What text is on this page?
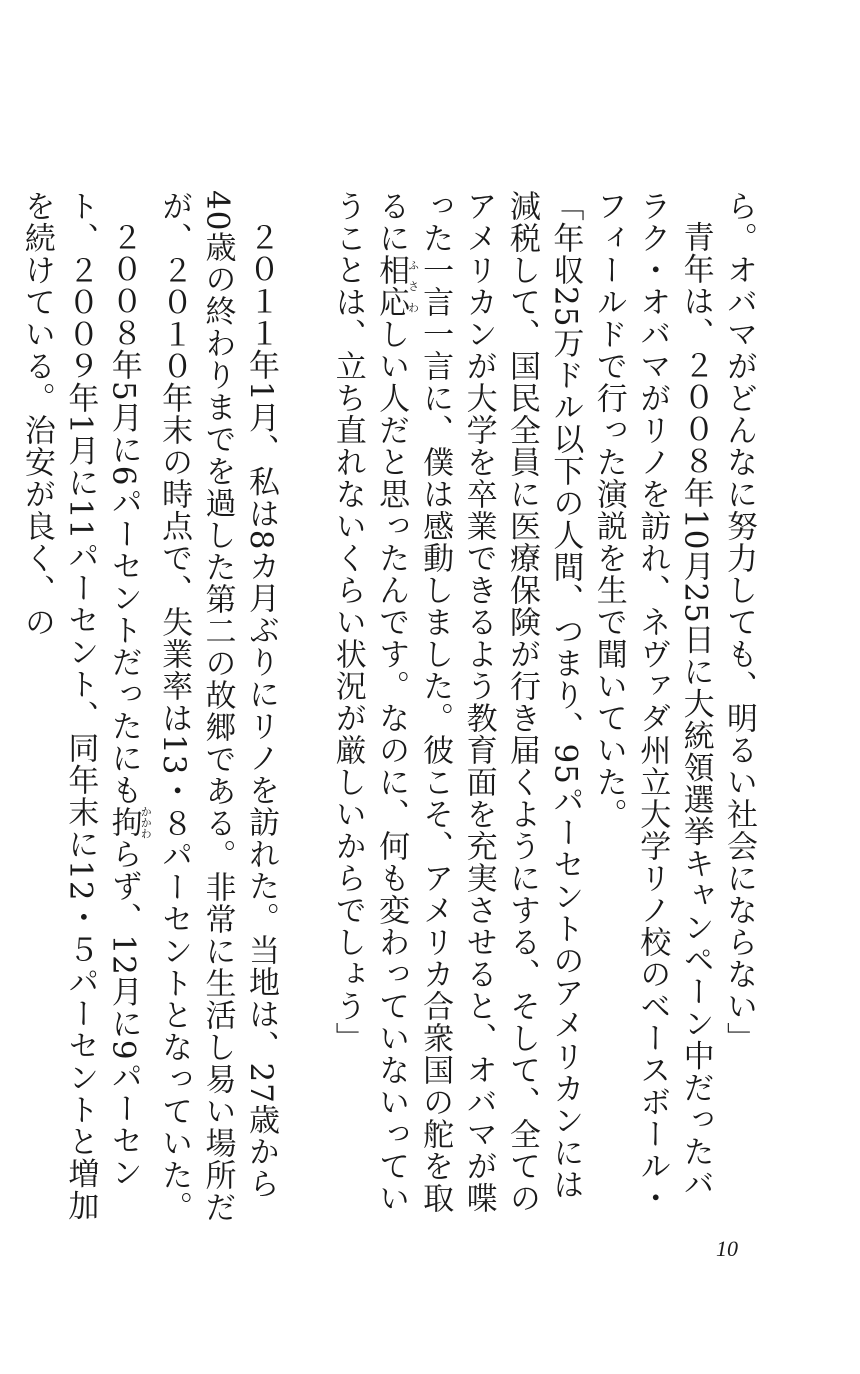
ら。オバマがどんなに努力しても、明るい社会にならない」

青年は、２００８年10月25日に大統領選挙キャンペーン中だったバラク・オバマがリノを訪れ、ネヴァダ州立大学リノ校のベースボール・フィールドで行った演説を生で聞いていた。

「年収25万ドル以下の人間、つまり、95パーセントのアメリカンには減税して、国民全員に医療保険が行き届くようにする、そして、全てのアメリカンが大学を卒業できるよう教育面を充実させると、オバマが喋った一言一言に、僕は感動しました。彼こそ、アメリカ合衆国の舵を取るに相応ふさわしい人だと思ったんです。なのに、何も変わっていないっていうことは、立ち直れないくらい状況が厳しいからでしょう」

２０１１年1月、私は8カ月ぶりにリノを訪れた。当地は、27歳から40歳の終わりまでを過した第二の故郷である。非常に生活し易い場所だが、２０１０年末の時点で、失業率は13・８パーセントとなっていた。

２００８年5月に6パーセントだったにも拘かかわらず、12月に9パーセント、２００９年1月に11パーセント、同年末に12・５パーセントと増加を続けている。治安が良く、の

10
